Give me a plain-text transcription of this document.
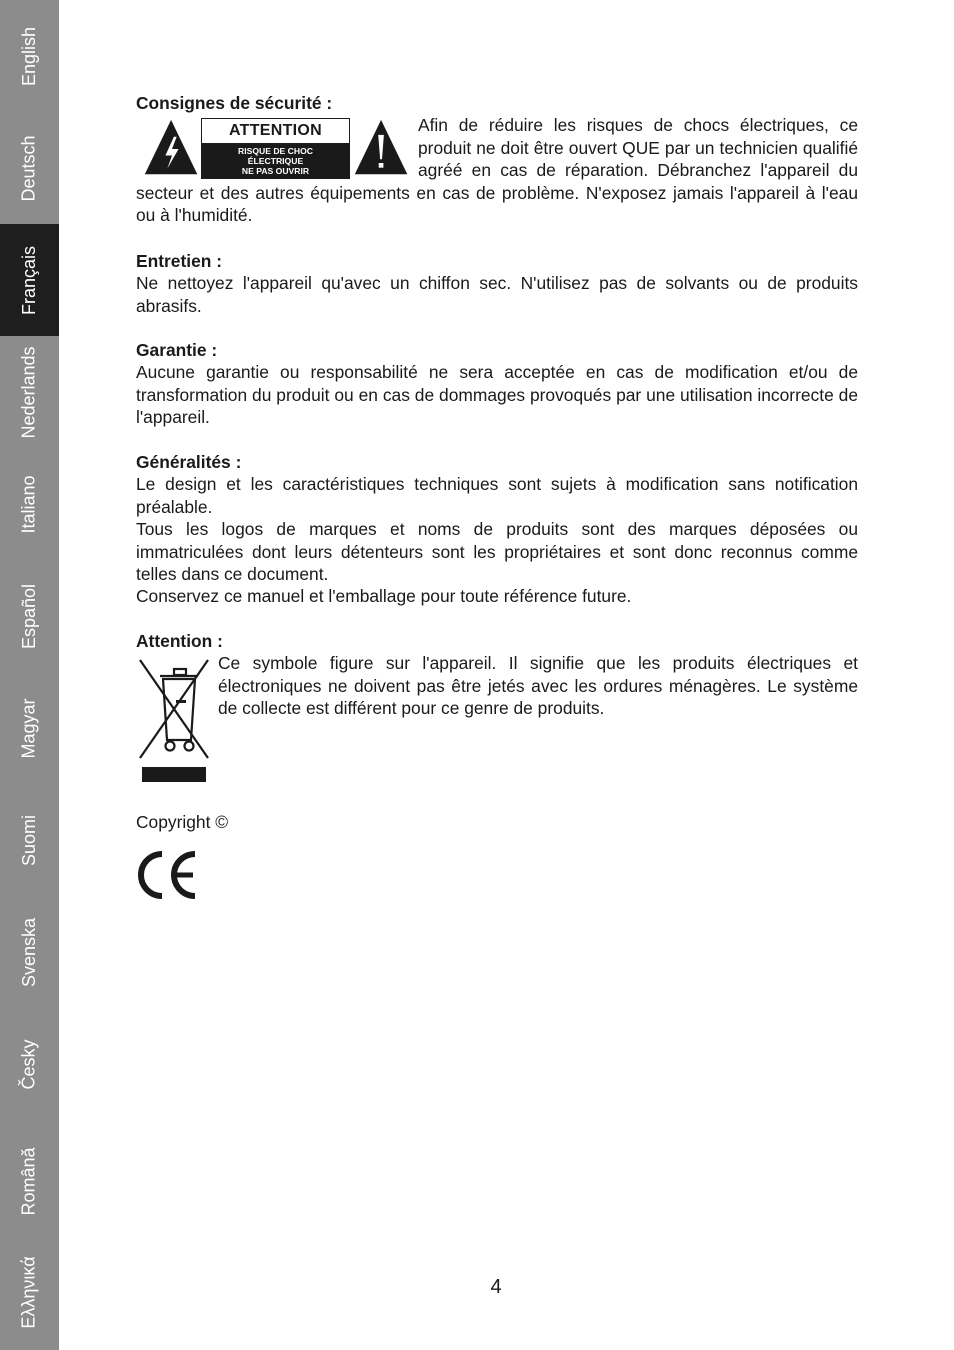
English
Deutsch
Français
Nederlands
Italiano
Español
Magyar
Suomi
Svenska
Česky
Românǎ
Ελληνικά

Consignes de sécurité :

ATTENTION
RISQUE DE CHOC
ÉLECTRIQUE
NE PAS OUVRIR

Afin de réduire les risques de chocs électriques, ce produit ne doit être ouvert QUE par un technicien qualifié agréé en cas de réparation. Débranchez l'appareil du secteur et des autres équipements en cas de problème. N'exposez jamais l'appareil à l'eau ou à l'humidité.

Entretien :

Ne nettoyez l'appareil qu'avec un chiffon sec. N'utilisez pas de solvants ou de produits abrasifs.

Garantie :

Aucune garantie ou responsabilité ne sera acceptée en cas de modification et/ou de transformation du produit ou en cas de dommages provoqués par une utilisation incorrecte de l'appareil.

Généralités :

Le design et les caractéristiques techniques sont sujets à modification sans notification préalable.

Tous les logos de marques et noms de produits sont des marques déposées ou immatriculées dont leurs détenteurs sont les propriétaires et sont donc reconnus comme telles dans ce document.

Conservez ce manuel et l'emballage pour toute référence future.

Attention :

Ce symbole figure sur l'appareil. Il signifie que les produits électriques et électroniques ne doivent pas être jetés avec les ordures ménagères. Le système de collecte est différent pour ce genre de produits.

Copyright ©

4
